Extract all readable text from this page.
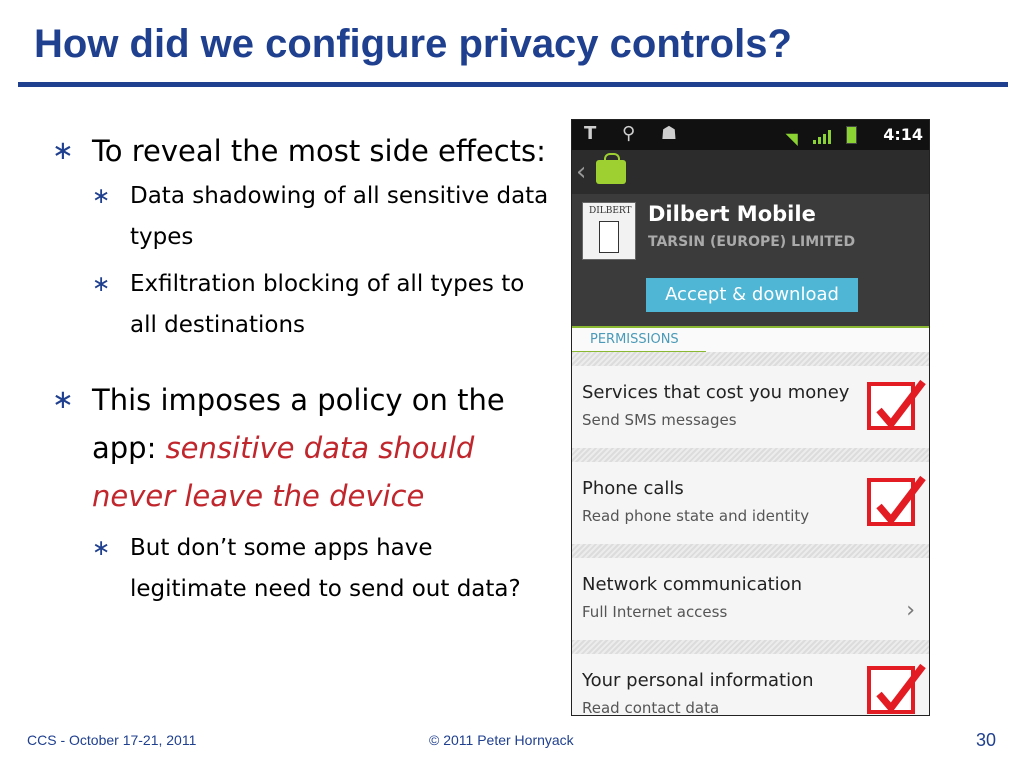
How did we configure privacy controls?
∗ To reveal the most side effects:
∗ Data shadowing of all sensitive data types
∗ Exfiltration blocking of all types to all destinations
∗ This imposes a policy on the app: sensitive data should never leave the device
∗ But don’t some apps have legitimate need to send out data?
T ⚲ ☗	◥
	4:14
‹
DILBERT Dilbert Mobile
TARSIN (EUROPE) LIMITED
Accept & download
PERMISSIONS
Services that cost you money
Send SMS messages
Phone calls
Read phone state and identity
Network communication
Full Internet access	›
Your personal information
Read contact data
CCS - October 17-21, 2011	© 2011 Peter Hornyack	30
